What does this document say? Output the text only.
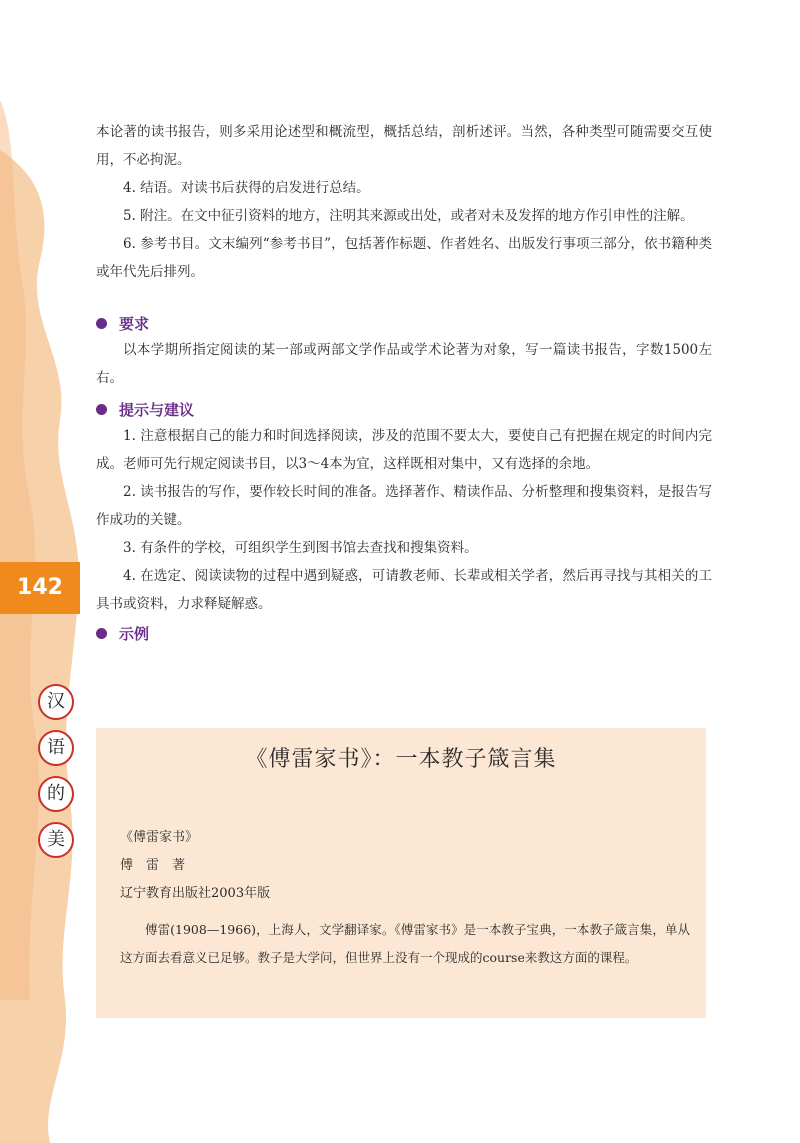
142
汉
语
的
美

本论著的读书报告，则多采用论述型和概流型，概括总结，剖析述评。当然，各种类型可随需要交互使用，不必拘泥。

4. 结语。对读书后获得的启发进行总结。

5. 附注。在文中征引资料的地方，注明其来源或出处，或者对未及发挥的地方作引申性的注解。

6. 参考书目。文末编列“参考书目”，包括著作标题、作者姓名、出版发行事项三部分，依书籍种类或年代先后排列。

要求

以本学期所指定阅读的某一部或两部文学作品或学术论著为对象，写一篇读书报告，字数1500左右。

提示与建议

1. 注意根据自己的能力和时间选择阅读，涉及的范围不要太大，要使自己有把握在规定的时间内完成。老师可先行规定阅读书目，以3～4本为宜，这样既相对集中，又有选择的余地。

2. 读书报告的写作，要作较长时间的准备。选择著作、精读作品、分析整理和搜集资料，是报告写作成功的关键。

3. 有条件的学校，可组织学生到图书馆去查找和搜集资料。

4. 在选定、阅读读物的过程中遇到疑惑，可请教老师、长辈或相关学者，然后再寻找与其相关的工具书或资料，力求释疑解惑。

示例
《傅雷家书》：一本教子箴言集
《傅雷家书》
傅　雷　著
辽宁教育出版社2003年版
傅雷(1908—1966)，上海人，文学翻译家。《傅雷家书》是一本教子宝典，一本教子箴言集，单从这方面去看意义已足够。教子是大学问，但世界上没有一个现成的course来教这方面的课程。
